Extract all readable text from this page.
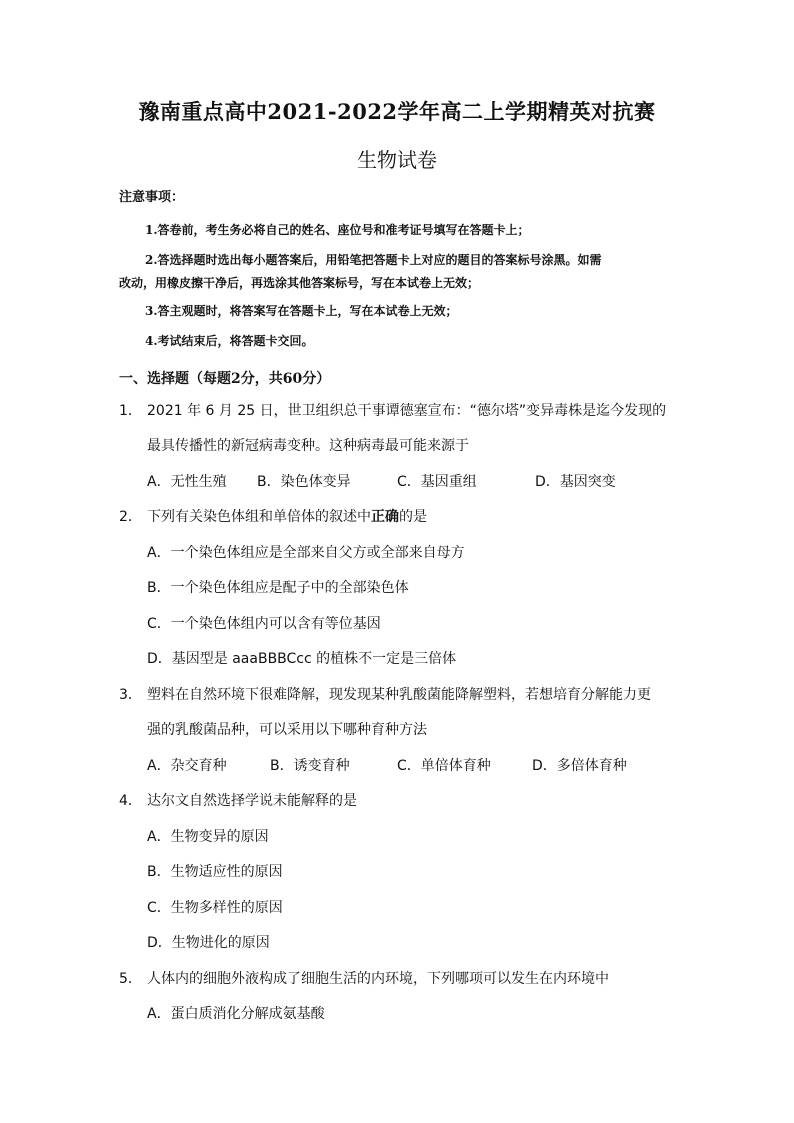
豫南重点高中2021-2022学年高二上学期精英对抗赛
生物试卷
注意事项：
1.答卷前，考生务必将自己的姓名、座位号和准考证号填写在答题卡上；
2.答选择题时选出每小题答案后，用铅笔把答题卡上对应的题目的答案标号涂黑。如需
改动，用橡皮擦干净后，再选涂其他答案标号，写在本试卷上无效；
3.答主观题时，将答案写在答题卡上，写在本试卷上无效；
4.考试结束后，将答题卡交回。
一、选择题（每题2分，共60分）
1． 2021 年 6 月 25 日，世卫组织总干事谭德塞宣布：“德尔塔”变异毒株是迄今发现的
最具传播性的新冠病毒变种。这种病毒最可能来源于
A．无性生殖 B．染色体变异	C．基因重组	D．基因突变
2． 下列有关染色体组和单倍体的叙述中正确的是
A．一个染色体组应是全部来自父方或全部来自母方
B．一个染色体组应是配子中的全部染色体
C．一个染色体组内可以含有等位基因
D．基因型是 aaaBBBCcc 的植株不一定是三倍体
3． 塑料在自然环境下很难降解，现发现某种乳酸菌能降解塑料，若想培育分解能力更
强的乳酸菌品种，可以采用以下哪种育种方法
A．杂交育种	B．诱变育种	C．单倍体育种	D．多倍体育种
4． 达尔文自然选择学说未能解释的是
A．生物变异的原因
B．生物适应性的原因
C．生物多样性的原因
D．生物进化的原因
5． 人体内的细胞外液构成了细胞生活的内环境，下列哪项可以发生在内环境中
A．蛋白质消化分解成氨基酸
